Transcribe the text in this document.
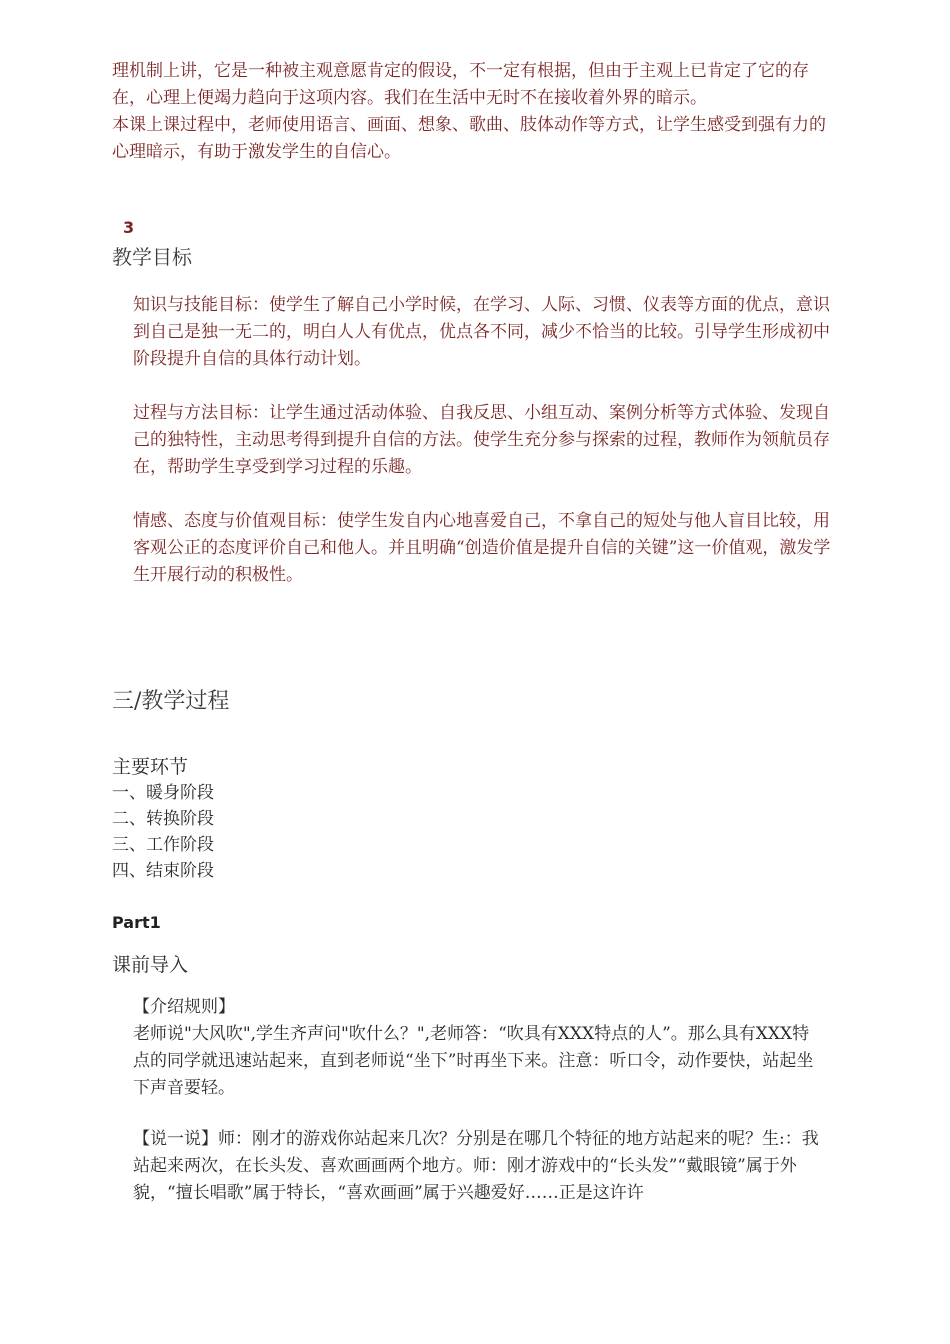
理机制上讲，它是一种被主观意愿肯定的假设，不一定有根据，但由于主观上已肯定了它的存在，心理上便竭力趋向于这项内容。我们在生活中无时不在接收着外界的暗示。

本课上课过程中，老师使用语言、画面、想象、歌曲、肢体动作等方式，让学生感受到强有力的心理暗示，有助于激发学生的自信心。

3
教学目标

知识与技能目标：使学生了解自己小学时候，在学习、人际、习惯、仪表等方面的优点，意识到自己是独一无二的，明白人人有优点，优点各不同，减少不恰当的比较。引导学生形成初中阶段提升自信的具体行动计划。

过程与方法目标：让学生通过活动体验、自我反思、小组互动、案例分析等方式体验、发现自己的独特性，主动思考得到提升自信的方法。使学生充分参与探索的过程，教师作为领航员存在，帮助学生享受到学习过程的乐趣。

情感、态度与价值观目标：使学生发自内心地喜爱自己，不拿自己的短处与他人盲目比较，用客观公正的态度评价自己和他人。并且明确“创造价值是提升自信的关键”这一价值观，激发学生开展行动的积极性。

三/教学过程
主要环节
一、暖身阶段
二、转换阶段
三、工作阶段
四、结束阶段
Part1
课前导入

【介绍规则】

老师说"大风吹",学生齐声问"吹什么？",老师答：“吹具有XXX特点的人”。那么具有XXX特点的同学就迅速站起来，直到老师说“坐下”时再坐下来。注意：听口令，动作要快，站起坐下声音要轻。

【说一说】师：刚才的游戏你站起来几次？分别是在哪几个特征的地方站起来的呢？生:：我站起来两次，在长头发、喜欢画画两个地方。师：刚才游戏中的“长头发”“戴眼镜”属于外貌，“擅长唱歌”属于特长，“喜欢画画”属于兴趣爱好……正是这许许
